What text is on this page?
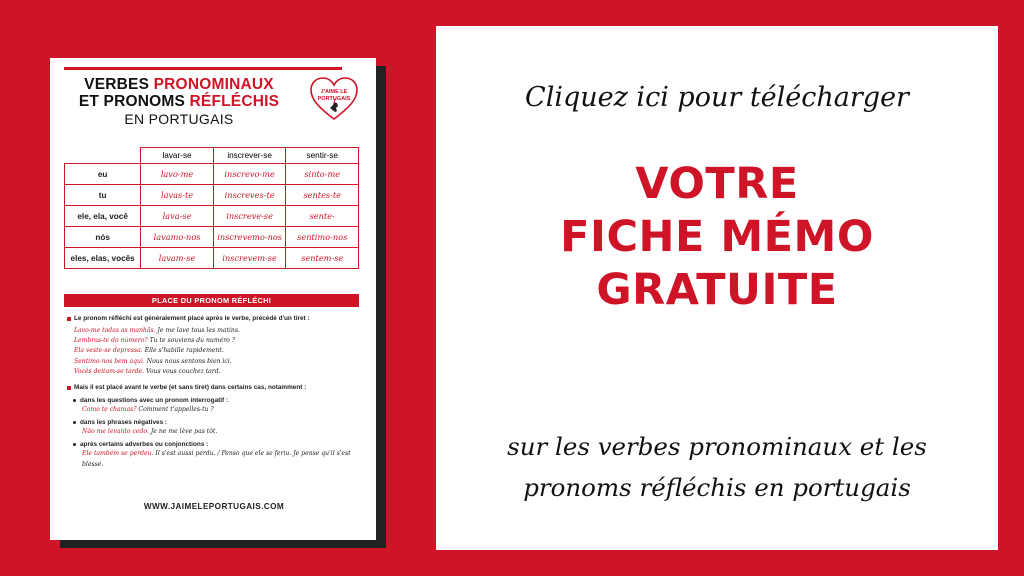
VERBES PRONOMINAUX
ET PRONOMS RÉFLÉCHIS
EN PORTUGAIS
J'AIME LE
PORTUGAIS
	lavar-se	inscrever-se	sentir-se
eu	lavo-me	inscrevo-me	sinto-me
tu	lavas-te	inscreves-te	sentes-te
ele, ela, você	lava-se	inscreve-se	sente-
nós	lavamo-nos	inscrevemo-nos	sentimo-nos
eles, elas, vocês	lavam-se	inscrevem-se	sentem-se
PLACE DU PRONOM RÉFLÉCHI
Le pronom réfléchi est généralement placé après le verbe, précédé d'un tiret :
Lavo-me todas as manhãs. Je me lave tous les matins.
Lembras-te do número? Tu te souviens du numéro ?
Ela veste-se depressa. Elle s'habille rapidement.
Sentimo-nos bem aqui. Nous nous sentons bien ici.
Vocês deitam-se tarde. Vous vous couchez tard.
Mais il est placé avant le verbe (et sans tiret) dans certains cas, notamment :
dans les questions avec un pronom interrogatif :
Como te chamas? Comment t'appelles-tu ?
dans les phrases négatives :
Não me levanto cedo. Je ne me lève pas tôt.
après certains adverbes ou conjonctions :
Ele também se perdeu. Il s'est aussi perdu. / Penso que ele se feriu. Je pense qu'il s'est blessé.
WWW.JAIMELEPORTUGAIS.COM
Cliquez ici pour télécharger
VOTRE
FICHE MÉMO
GRATUITE
sur les verbes pronominaux et les
pronoms réfléchis en portugais
